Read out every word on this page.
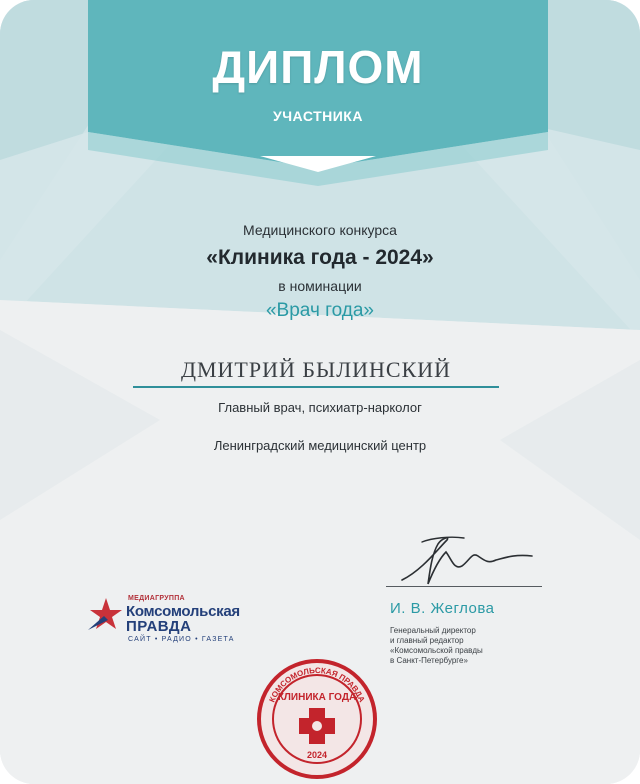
ДИПЛОМ
УЧАСТНИКА
Медицинского конкурса
«Клиника года - 2024»
в номинации
«Врач года»
ДМИТРИЙ БЫЛИНСКИЙ
Главный врач, психиатр-нарколог
Ленинградский медицинский центр
МЕДИАГРУППА
Комсомольская
ПРАВДА
САЙТ • РАДИО • ГАЗЕТА
И. В. Жеглова
Генеральный директор
и главный редактор
«Комсомольской правды
в Санкт-Петербурге»
КОМСОМОЛЬСКАЯ ПРАВДА
КЛИНИКА ГОДА
2024
